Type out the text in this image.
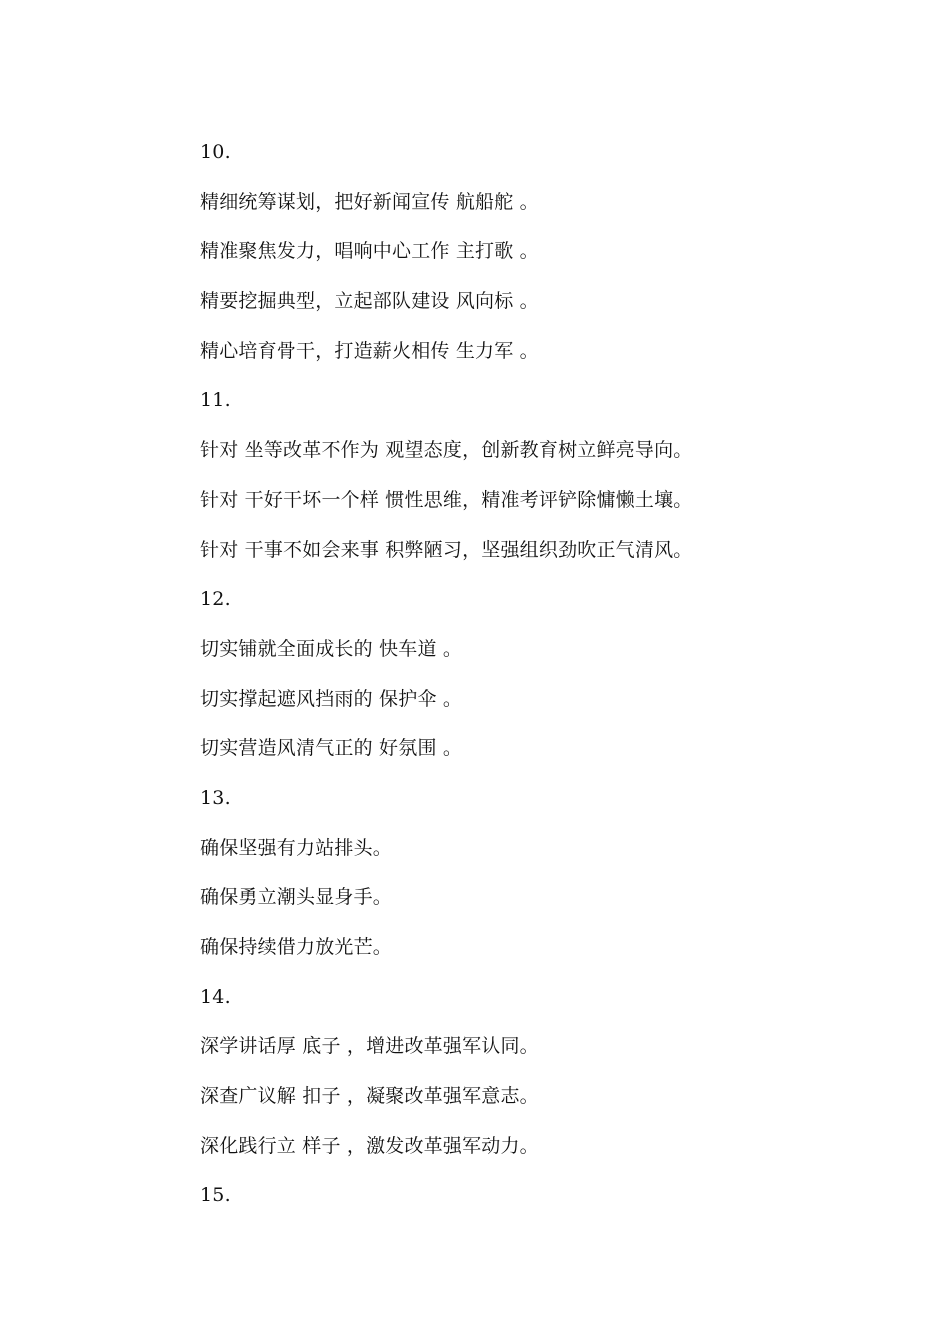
10.
精细统筹谋划，把好新闻宣传 航船舵 。
精准聚焦发力，唱响中心工作 主打歌 。
精要挖掘典型，立起部队建设 风向标 。
精心培育骨干，打造薪火相传 生力军 。
11.
针对 坐等改革不作为 观望态度，创新教育树立鲜亮导向。
针对 干好干坏一个样 惯性思维，精准考评铲除慵懒土壤。
针对 干事不如会来事 积弊陋习，坚强组织劲吹正气清风。
12.
切实铺就全面成长的 快车道 。
切实撑起遮风挡雨的 保护伞 。
切实营造风清气正的 好氛围 。
13.
确保坚强有力站排头。
确保勇立潮头显身手。
确保持续借力放光芒。
14.
深学讲话厚 底子 ，增进改革强军认同。
深查广议解 扣子 ，凝聚改革强军意志。
深化践行立 样子 ，激发改革强军动力。
15.
